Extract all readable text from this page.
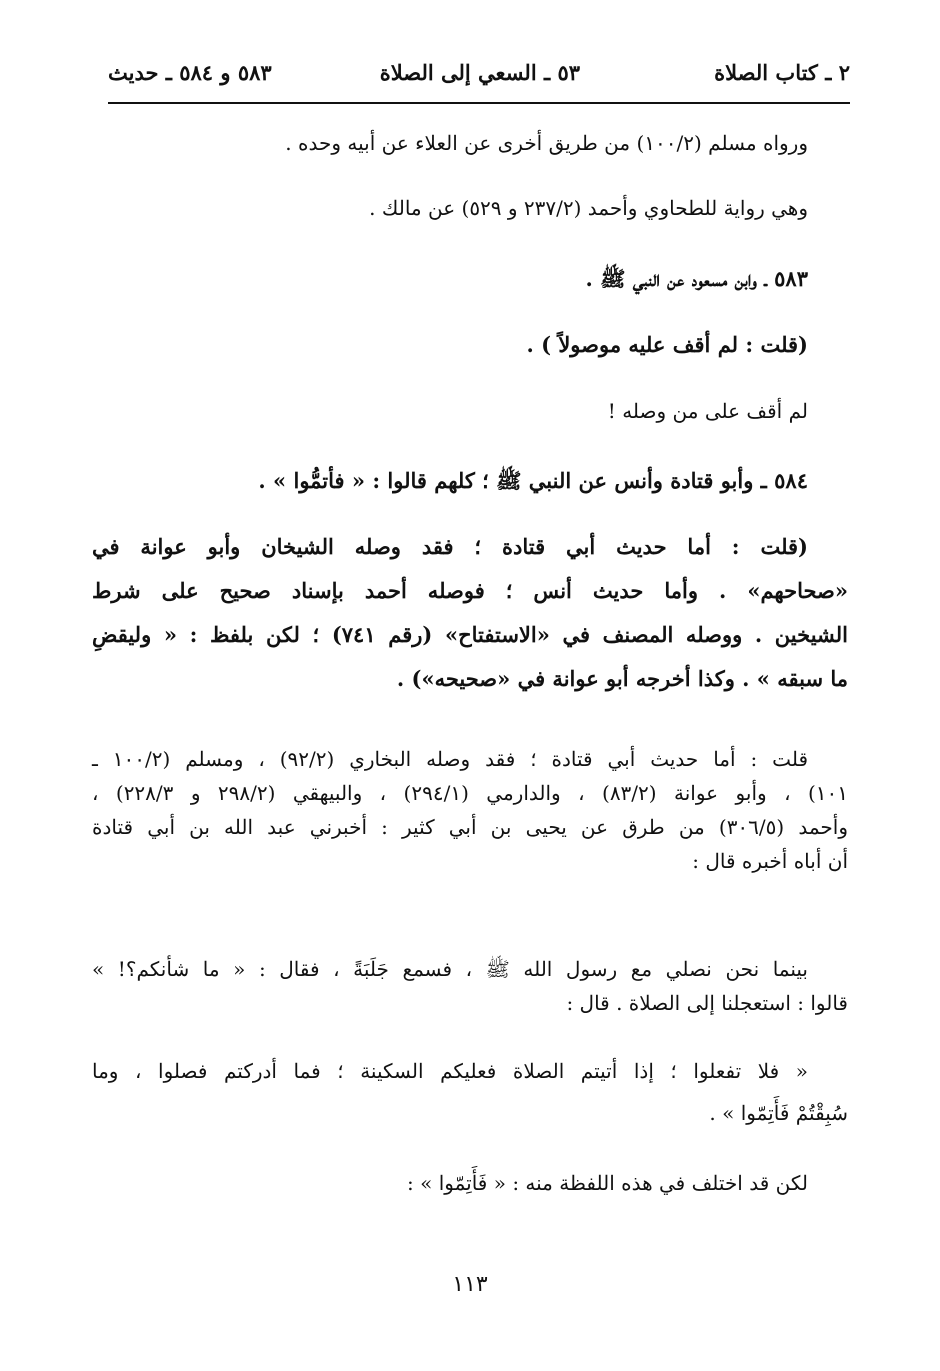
٢ ـ كتاب الصلاة
٥٣ ـ السعي إلى الصلاة
٥٨٣ و ٥٨٤ ـ حديث
ورواه مسلم (١٠٠/٢) من طريق أخرى عن العلاء عن أبيه وحده .
وهي رواية للطحاوي وأحمد (٢٣٧/٢ و ٥٢٩) عن مالك .
٥٨٣ ـ وابن مسعود عن النبي ﷺ .
(قلت : لم أقف عليه موصولاً ) .
لم أقف على من وصله !
٥٨٤ ـ وأبو قتادة وأنس عن النبي ﷺ ؛ كلهم قالوا : « فأتمُّوا » .
(قلت : أما حديث أبي قتادة ؛ فقد وصله الشيخان وأبو عوانة في
«صحاحهم» . وأما حديث أنس ؛ فوصله أحمد بإسناد صحيح على شرط
الشيخين . ووصله المصنف في «الاستفتاح» (رقم ٧٤١) ؛ لكن بلفظ : « وليقضِ
ما سبقه » . وكذا أخرجه أبو عوانة في «صحيحه») .
قلت : أما حديث أبي قتادة ؛ فقد وصله البخاري (٩٢/٢) ، ومسلم (١٠٠/٢ ـ
١٠١) ، وأبو عوانة (٨٣/٢) ، والدارمي (٢٩٤/١) ، والبيهقي (٢٩٨/٢ و ٢٢٨/٣) ،
وأحمد (٣٠٦/٥) من طرق عن يحيى بن أبي كثير : أخبرني عبد الله بن أبي قتادة
أن أباه أخبره قال :
بينما نحن نصلي مع رسول الله ﷺ ، فسمع جَلَبَةً ، فقال : « ما شأنكم؟! »
قالوا : استعجلنا إلى الصلاة . قال :
« فلا تفعلوا ؛ إذا أتيتم الصلاة فعليكم السكينة ؛ فما أدركتم فصلوا ، وما
سُبِقْتُمْ فَأَتِمّوا » .
لكن قد اختلف في هذه اللفظة منه : « فَأَتِمّوا » :
١١٣
